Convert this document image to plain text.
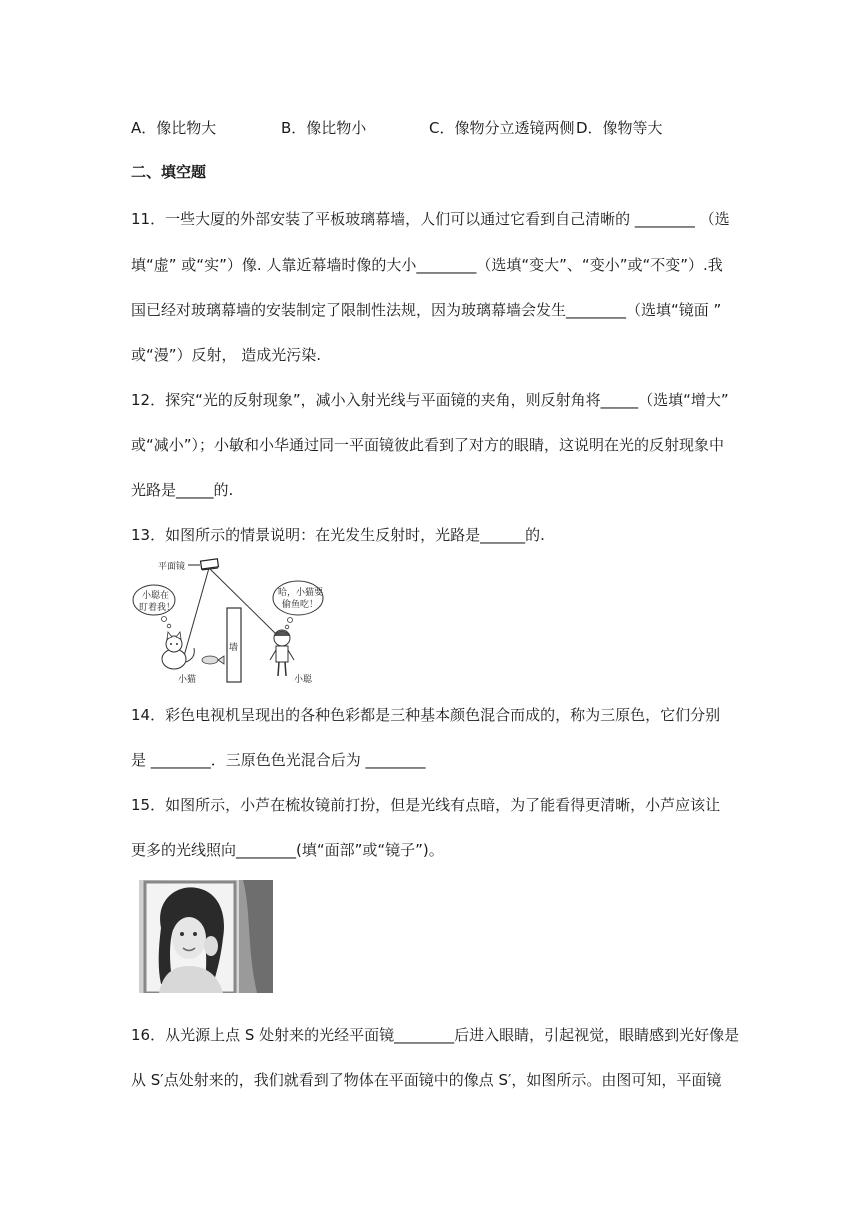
A．像比物大	B．像比物小	C．像物分立透镜两侧 D．像物等大
二、填空题
11．一些大厦的外部安装了平板玻璃幕墙，人们可以通过它看到自己清晰的 ________ （选
填“虚” 或“实”）像. 人靠近幕墙时像的大小________（选填“变大”、“变小”或“不变”）.我
国已经对玻璃幕墙的安装制定了限制性法规，因为玻璃幕墙会发生________（选填“镜面 ”
或“漫”）反射， 造成光污染.
12．探究“光的反射现象”，减小入射光线与平面镜的夹角，则反射角将_____（选填“增大”
或“减小”）；小敏和小华通过同一平面镜彼此看到了对方的眼睛，这说明在光的反射现象中
光路是_____的.
13．如图所示的情景说明：在光发生反射时，光路是______的.
平面镜
小聪在
盯着我！
小猫
墙
哈，小猫要
偷鱼吃！
小聪
14．彩色电视机呈现出的各种色彩都是三种基本颜色混合而成的，称为三原色，它们分别
是 ________．三原色色光混合后为 ________
15．如图所示，小芦在梳妆镜前打扮，但是光线有点暗，为了能看得更清晰，小芦应该让
更多的光线照向________(填“面部”或“镜子”)。
16．从光源上点 S 处射来的光经平面镜________后进入眼睛，引起视觉，眼睛感到光好像是
从 S′点处射来的，我们就看到了物体在平面镜中的像点 S′，如图所示。由图可知，平面镜
